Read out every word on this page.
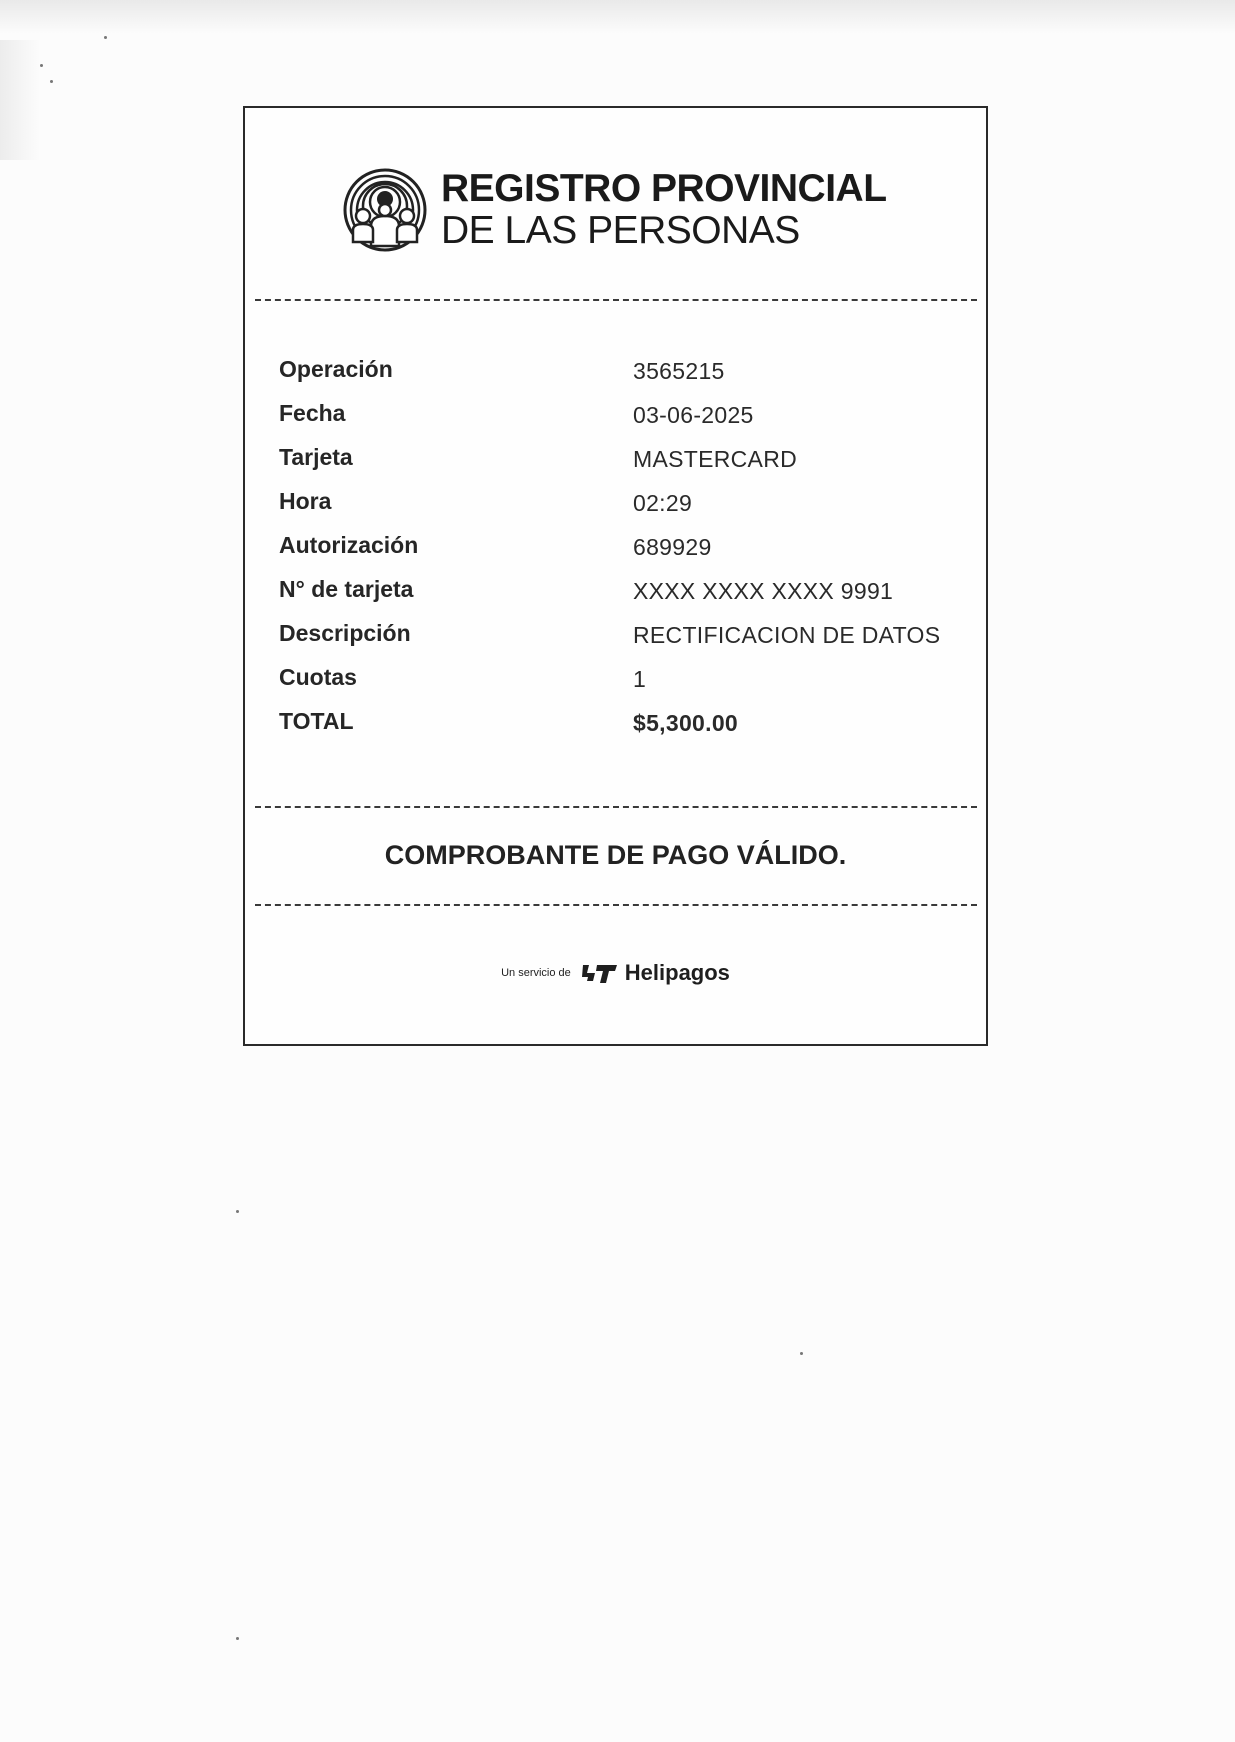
REGISTRO PROVINCIAL
DE LAS PERSONAS
Operación	3565215
Fecha	03-06-2025
Tarjeta	MASTERCARD
Hora	02:29
Autorización	689929
N° de tarjeta	XXXX XXXX XXXX 9991
Descripción	RECTIFICACION DE DATOS
Cuotas	1
TOTAL	$5,300.00
COMPROBANTE DE PAGO VÁLIDO.
Un servicio de Helipagos
